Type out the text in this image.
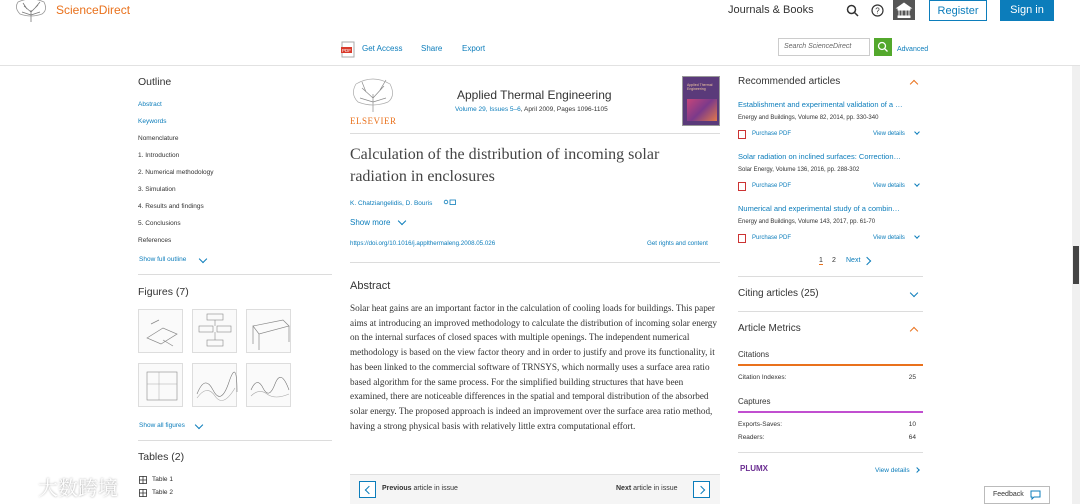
ScienceDirect	Journals & Books	?	Register	Sign in
PDF Get Access Share Export	Search ScienceDirect	Advanced
Outline
Abstract
Keywords
Nomenclature
1. Introduction
2. Numerical methodology
3. Simulation
4. Results and findings
5. Conclusions
References
Show full outline
Figures (7)
Show all figures
Tables (2)
Table 1
Table 2
ELSEVIER
Applied Thermal Engineering
Volume 29, Issues 5–6, April 2009, Pages 1096-1105
Applied Thermal Engineering
Calculation of the distribution of incoming solar radiation in enclosures
K. Chatziangelidis, D. Bouris
Show more
https://doi.org/10.1016/j.applthermaleng.2008.05.026	Get rights and content
Abstract
Solar heat gains are an important factor in the calculation of cooling loads for buildings. This paper aims at introducing an improved methodology to calculate the distribution of incoming solar energy on the internal surfaces of closed spaces with multiple openings. The independent numerical methodology is based on the view factor theory and in order to justify and prove its functionality, it has been linked to the commercial software of TRNSYS, which normally uses a surface area ratio based algorithm for the same process. For the simplified building structures that have been examined, there are noticeable differences in the spatial and temporal distribution of the absorbed solar energy. The proposed approach is indeed an improvement over the surface area ratio method, having a strong physical basis with relatively little extra computational effort.
Previous article in issue	Next article in issue
Recommended articles
Establishment and experimental validation of a …
Energy and Buildings, Volume 82, 2014, pp. 330-340
Purchase PDF	View details
Solar radiation on inclined surfaces: Correction…
Solar Energy, Volume 136, 2016, pp. 288-302
Purchase PDF	View details
Numerical and experimental study of a combin…
Energy and Buildings, Volume 143, 2017, pp. 61-70
Purchase PDF	View details
1 2 Next
Citing articles (25)
Article Metrics
Citations
Citation Indexes:	25
Captures
Exports-Saves:	10
Readers:	64
PLUMX	View details
Feedback
大数跨境
